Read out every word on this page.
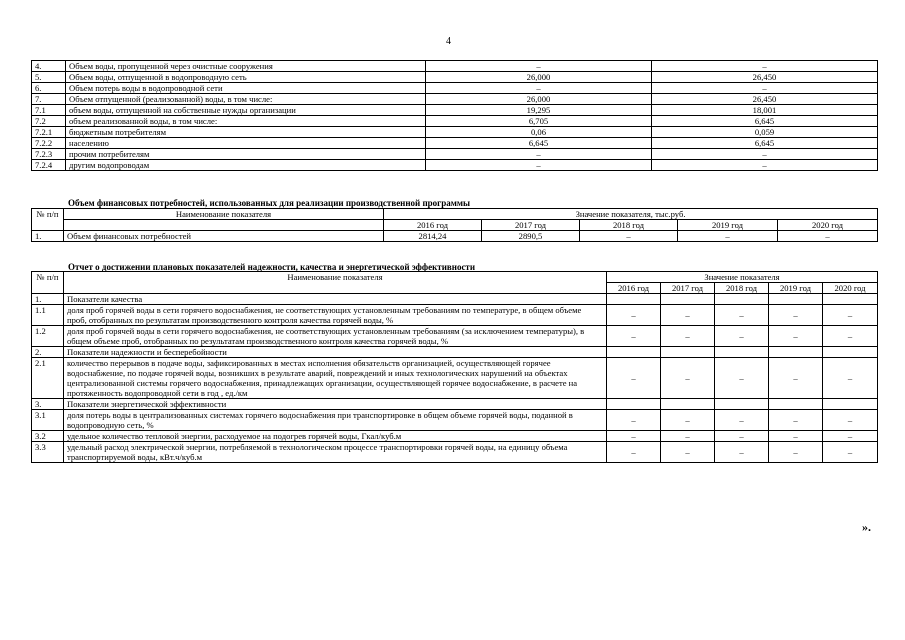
4
4.	Объем воды, пропущенной через очистные сооружения	–	–
5.	Объем воды, отпущенной в водопроводную сеть	26,000	26,450
6.	Объем потерь воды в водопроводной сети	–	–
7.	Объем отпущенной (реализованной) воды, в том числе:	26,000	26,450
7.1	объем воды, отпущенной на собственные нужды организации	19,295	18,001
7.2	объем реализованной воды, в том числе:	6,705	6,645
7.2.1	бюджетным потребителям	0,06	0,059
7.2.2	населению	6,645	6,645
7.2.3	прочим потребителям	–	–
7.2.4	другим водопроводам	–	–
Объем финансовых потребностей, использованных для реализации производственной программы
№ п/п	Наименование показателя	Значение показателя, тыс.руб.				
		2016 год	2017 год	2018 год	2019 год	2020 год
1.	Объем финансовых потребностей	2814,24	2890,5	–	–	–
Отчет о достижении плановых показателей надежности, качества и энергетической эффективности
№ п/п	Наименование показателя	Значение показателя				
		2016 год	2017 год	2018 год	2019 год	2020 год
1.	Показатели качества					
1.1	доля проб горячей воды в сети горячего водоснабжения, не соответствующих установленным требованиям по температуре, в общем объеме проб, отобранных по результатам производственного контроля качества горячей воды, %	–	–	–	–	–
1.2	доля проб горячей воды в сети горячего водоснабжения, не соответствующих установленным требованиям (за исключением температуры), в общем объеме проб, отобранных по результатам производственного контроля качества горячей воды, %	–	–	–	–	–
2.	Показатели надежности и бесперебойности					
2.1	количество перерывов в подаче воды, зафиксированных в местах исполнения обязательств организацией, осуществляющей горячее водоснабжение, по подаче горячей воды, возникших в результате аварий, повреждений и иных технологических нарушений на объектах централизованной системы горячего водоснабжения, принадлежащих организации, осуществляющей горячее водоснабжение, в расчете на протяженность водопроводной сети в год , ед./км	–	–	–	–	–
3.	Показатели энергетической эффективности					
3.1	доля потерь воды в централизованных системах горячего водоснабжения при транспортировке в общем объеме горячей воды, поданной в водопроводную сеть, %	–	–	–	–	–
3.2	удельное количество тепловой энергии, расходуемое на подогрев горячей воды, Гкал/куб.м	–	–	–	–	–
3.3	удельный расход электрической энергии, потребляемой в технологическом процессе транспортировки горячей воды, на единицу объема транспортируемой воды, кВт.ч/куб.м	–	–	–	–	–
».
